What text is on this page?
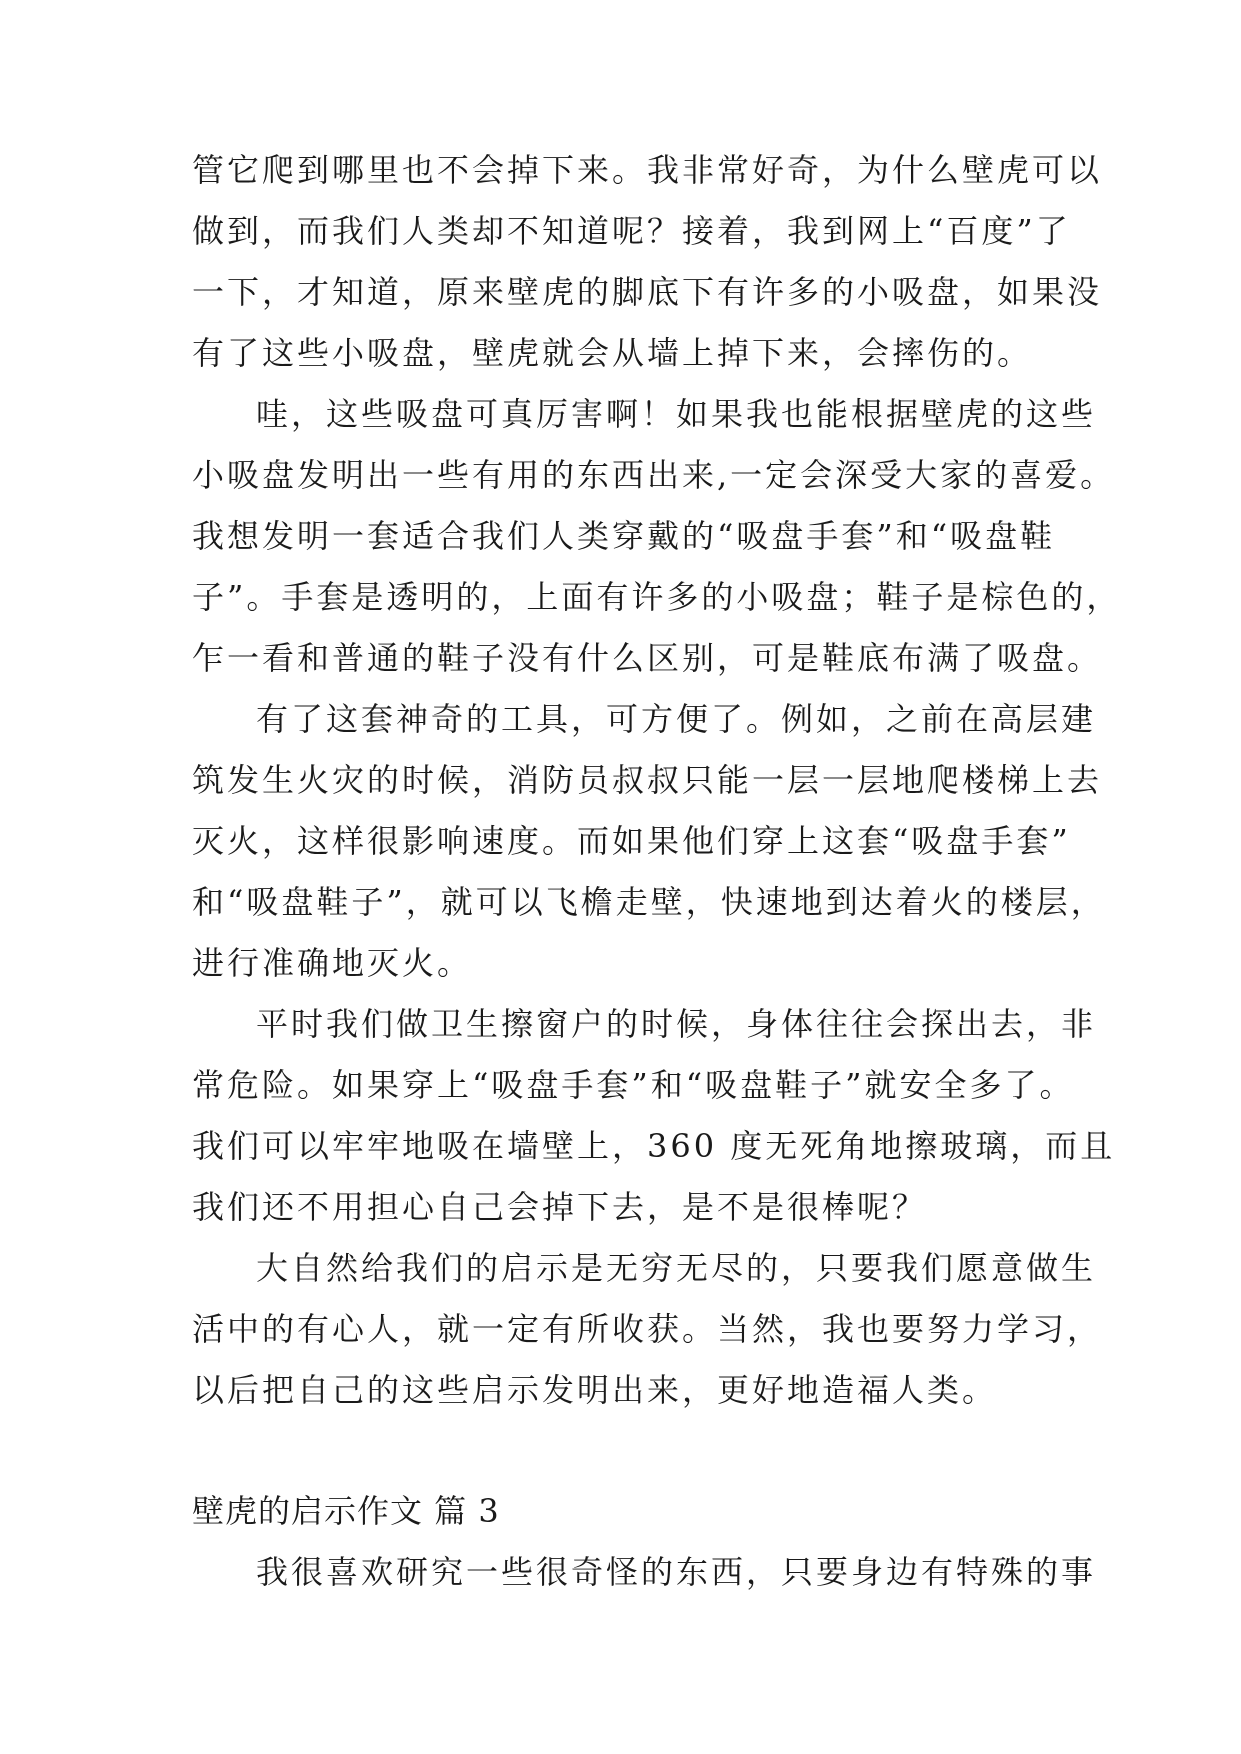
管它爬到哪里也不会掉下来。我非常好奇，为什么壁虎可以
做到，而我们人类却不知道呢？接着，我到网上“百度”了
一下，才知道，原来壁虎的脚底下有许多的小吸盘，如果没
有了这些小吸盘，壁虎就会从墙上掉下来，会摔伤的。
哇，这些吸盘可真厉害啊！如果我也能根据壁虎的这些
小吸盘发明出一些有用的东西出来,一定会深受大家的喜爱。
我想发明一套适合我们人类穿戴的“吸盘手套”和“吸盘鞋
子”。手套是透明的，上面有许多的小吸盘；鞋子是棕色的，
乍一看和普通的鞋子没有什么区别，可是鞋底布满了吸盘。
有了这套神奇的工具，可方便了。例如，之前在高层建
筑发生火灾的时候，消防员叔叔只能一层一层地爬楼梯上去
灭火，这样很影响速度。而如果他们穿上这套“吸盘手套”
和“吸盘鞋子”，就可以飞檐走壁，快速地到达着火的楼层，
进行准确地灭火。
平时我们做卫生擦窗户的时候，身体往往会探出去，非
常危险。如果穿上“吸盘手套”和“吸盘鞋子”就安全多了。
我们可以牢牢地吸在墙壁上，360 度无死角地擦玻璃，而且
我们还不用担心自己会掉下去，是不是很棒呢？
大自然给我们的启示是无穷无尽的，只要我们愿意做生
活中的有心人，就一定有所收获。当然，我也要努力学习，
以后把自己的这些启示发明出来，更好地造福人类。
壁虎的启示作文 篇 3
我很喜欢研究一些很奇怪的东西，只要身边有特殊的事
